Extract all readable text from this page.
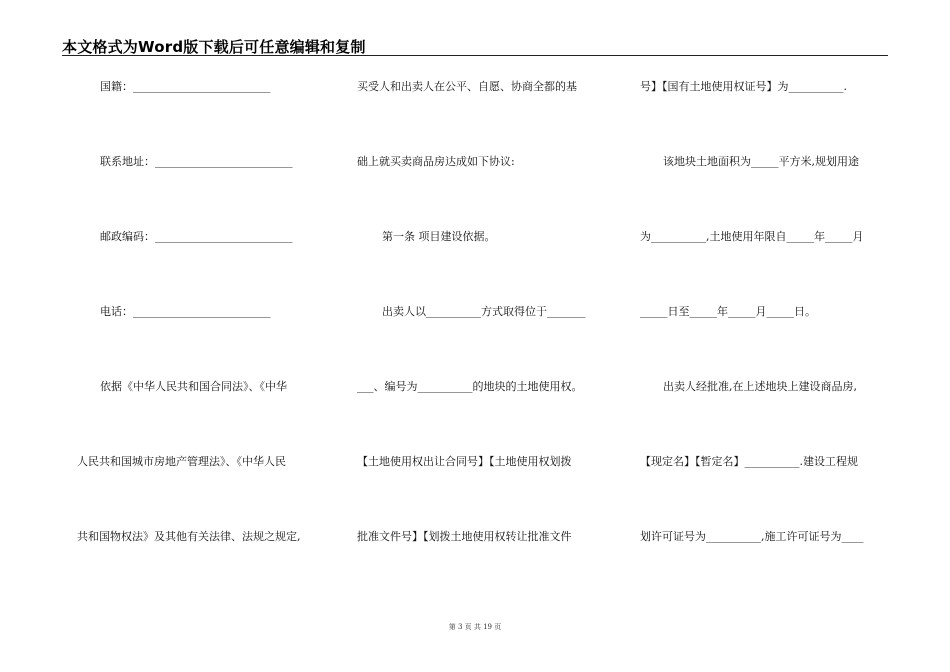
本文格式为Word版下载后可任意编辑和复制
国籍：_________________________
联系地址：_________________________
邮政编码：_________________________
电话：_________________________
依据《中华人民共和国合同法》、《中华
人民共和国城市房地产管理法》、《中华人民
共和国物权法》及其他有关法律、法规之规定,
买受人和出卖人在公平、自愿、协商全都的基
础上就买卖商品房达成如下协议:
第一条 项目建设依据。
出卖人以__________方式取得位于_______
___、编号为__________的地块的土地使用权。
【土地使用权出让合同号】【土地使用权划拨
批准文件号】【划拨土地使用权转让批准文件
号】【国有土地使用权证号】为__________.
该地块土地面积为_____平方米,规划用途
为__________,土地使用年限自_____年_____月
_____日至_____年_____月_____日。
出卖人经批准,在上述地块上建设商品房,
【现定名】【暂定名】__________.建设工程规
划许可证号为__________,施工许可证号为____
第 3 页 共 19 页
